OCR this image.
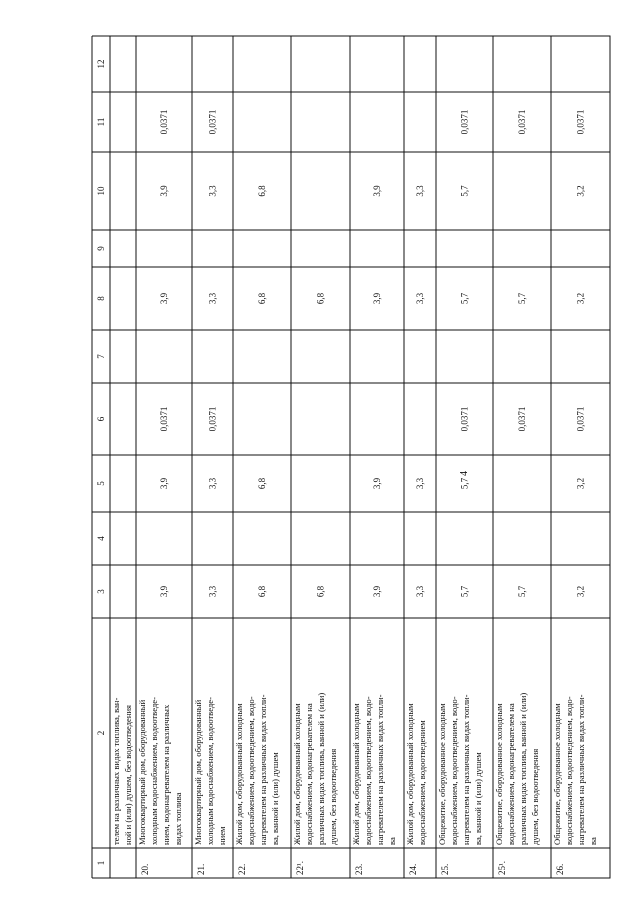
4
1
2
3
4
5
6
7
8
9
10
11
12
телем на различных видах топлива, ван- ной и (или) душем, без водоотведения
20.
Многоквартирный дом, оборудованный холодным водоснабжением, водоотведе- нием, водонагревателем на различных видах топлива
3,9
3,9
0,0371
3,9
3,9
0,0371
21.
Многоквартирный дом, оборудованный холодным водоснабжением, водоотведе- нием
3,3
3,3
0,0371
3,3
3,3
0,0371
22.
Жилой дом, оборудованный холодным водоснабжением, водоотведением, водо- нагревателем на различных видах топли- ва, ванной и (или) душем
6,8
6,8
6,8
6,8
22¹.
Жилой дом, оборудованный холодным водоснабжением, водонагревателем на различных видах топлива, ванной и (или) душем, без водоотведения
6,8
6,8
23.
Жилой дом, оборудованный холодным водоснабжением, водоотведением, водо- нагревателем на различных видах топли- ва
3,9
3,9
3,9
3,9
24.
Жилой дом, оборудованный холодным водоснабжением, водоотведением
3,3
3,3
3,3
3,3
25.
Общежитие, оборудованное холодным водоснабжением, водоотведением, водо- нагревателем на различных видах топли- ва, ванной и (или) душем
5,7
5,7
0,0371
5,7
5,7
0,0371
25¹.
Общежитие, оборудованное холодным водоснабжением, водонагревателем на различных видах топлива, ванной и (или) душем, без водоотведения
5,7
0,0371
5,7
0,0371
26.
Общежитие, оборудованное холодным водоснабжением, водоотведением, водо- нагревателем на различных видах топли- ва
3,2
3,2
0,0371
3,2
3,2
0,0371
